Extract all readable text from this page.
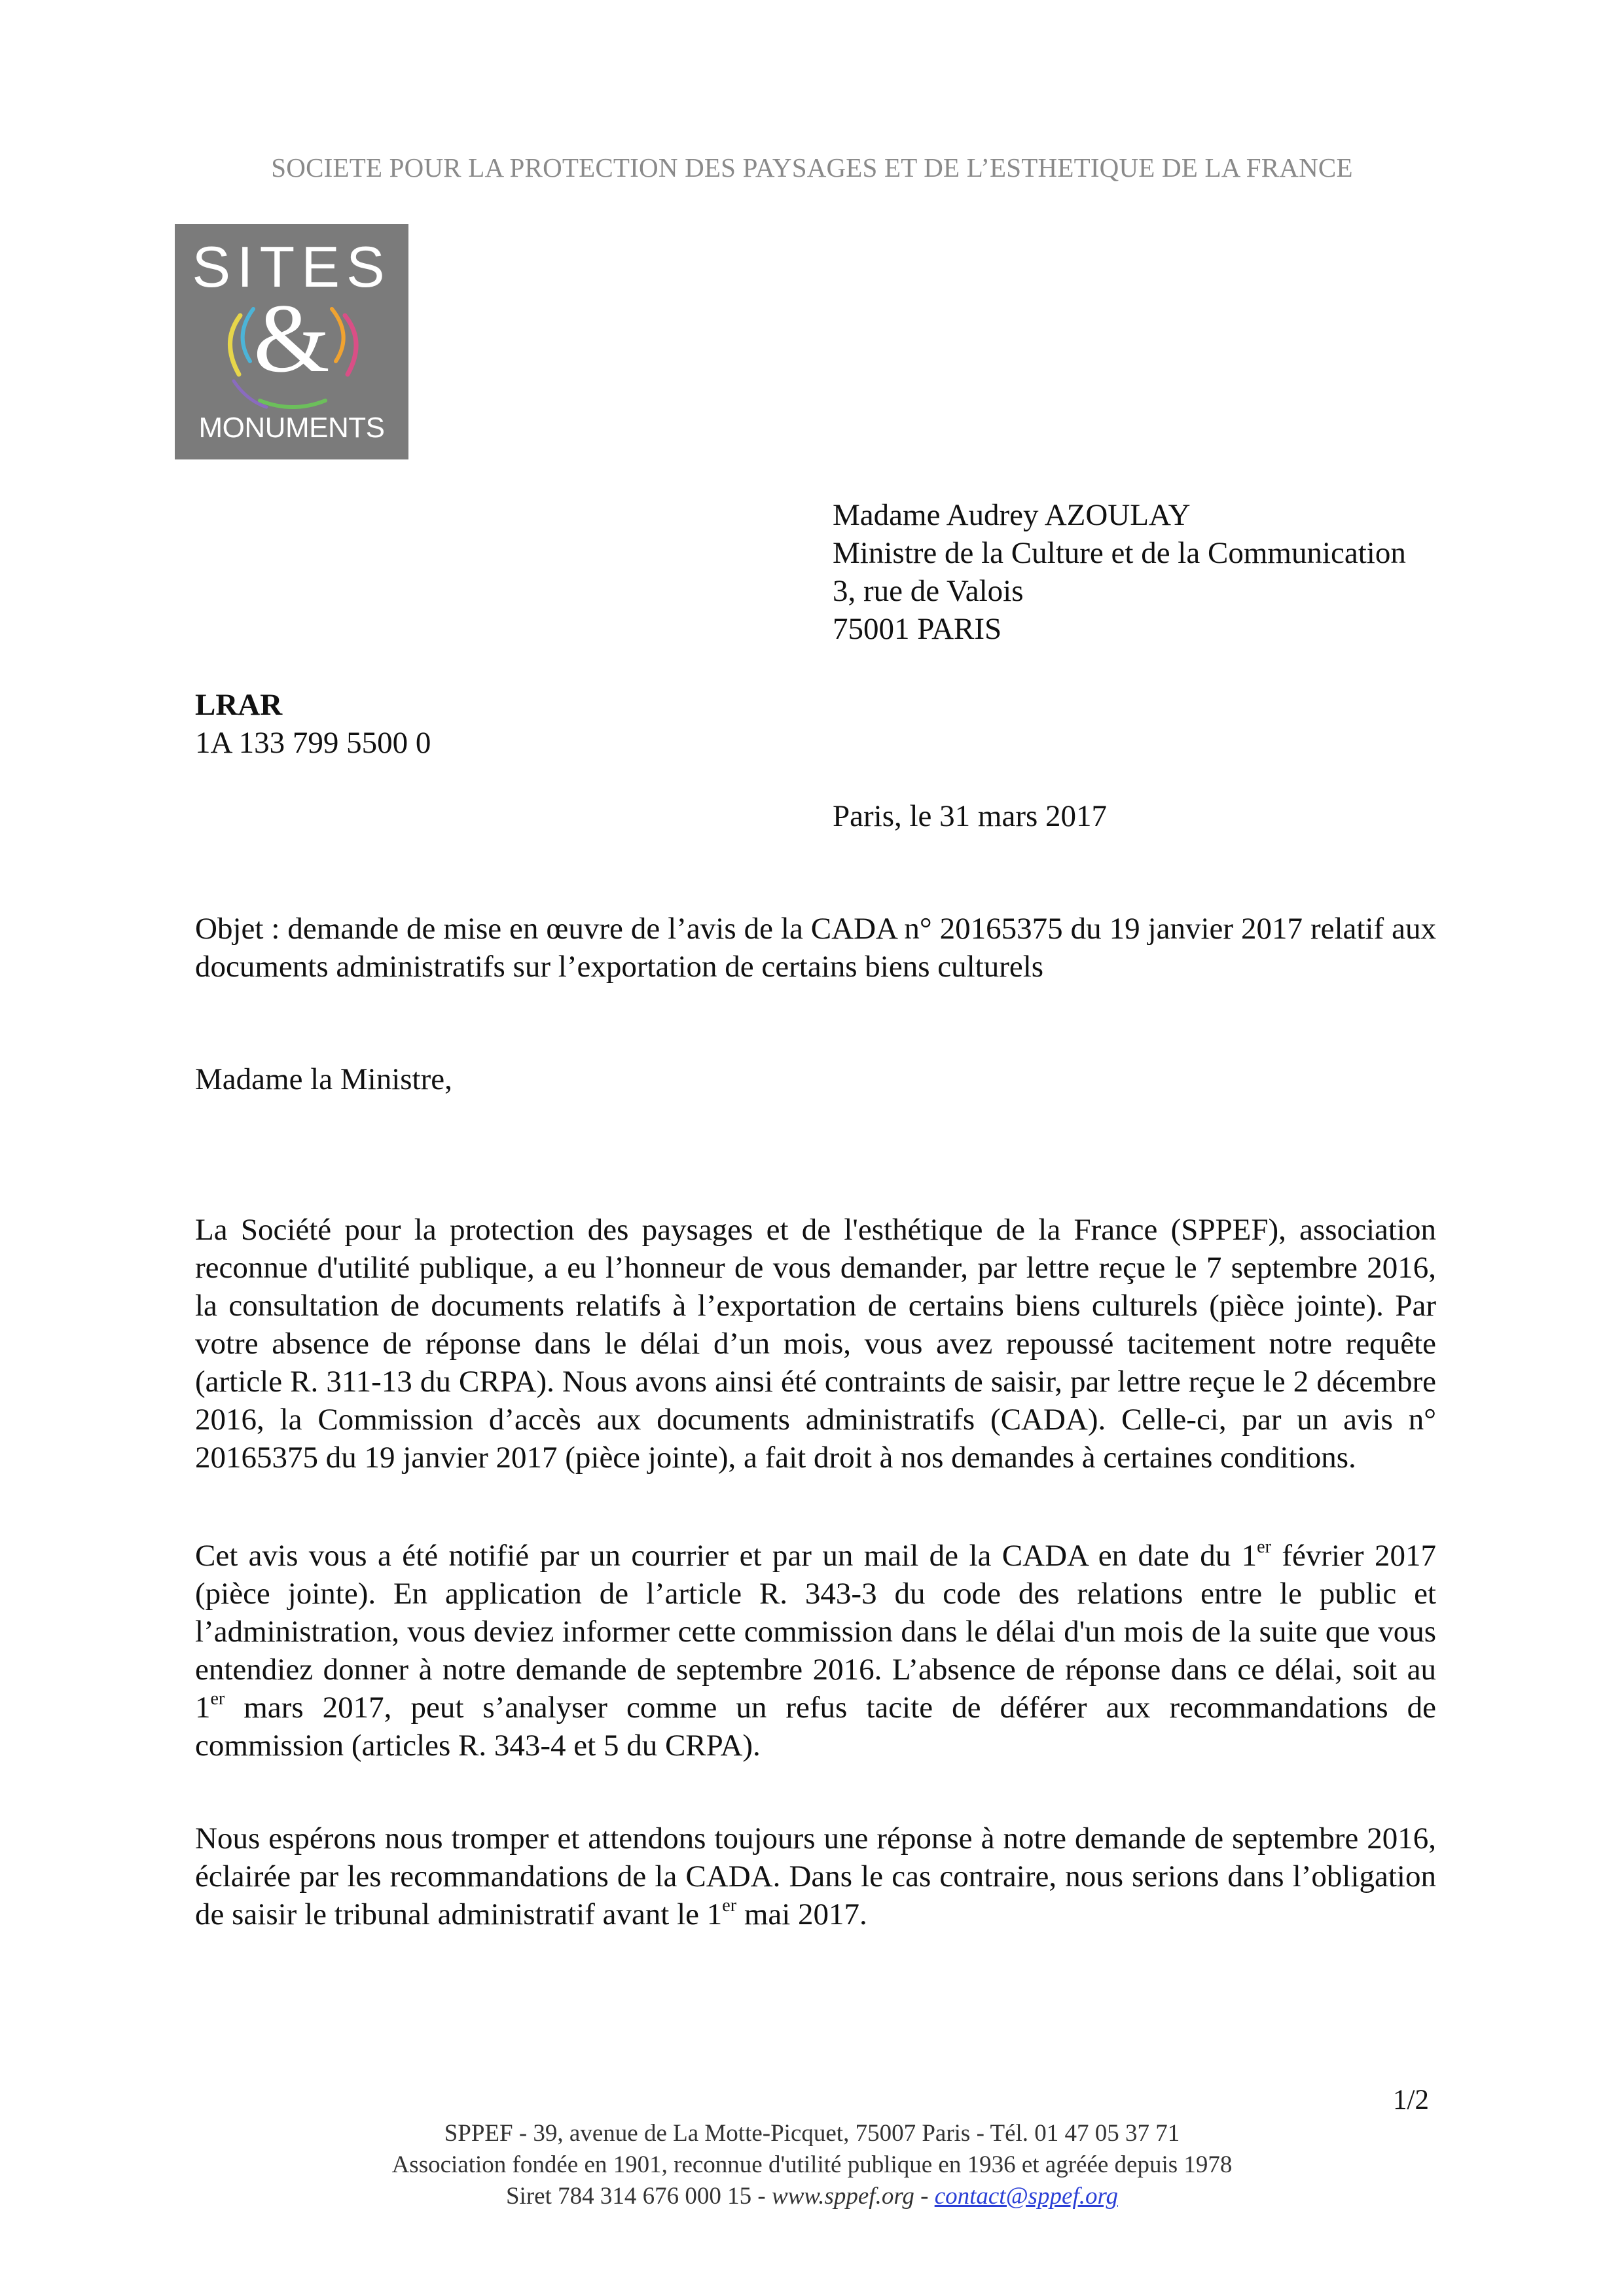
SOCIETE POUR LA PROTECTION DES PAYSAGES ET DE L’ESTHETIQUE DE LA FRANCE
SITES
&
MONUMENTS
Madame Audrey AZOULAY
Ministre de la Culture et de la Communication
3, rue de Valois
75001 PARIS
LRAR
1A 133 799 5500 0
Paris, le 31 mars 2017
Objet : demande de mise en œuvre de l’avis de la CADA n° 20165375 du 19 janvier 2017 relatif aux documents administratifs sur l’exportation de certains biens culturels
Madame la Ministre,
La Société pour la protection des paysages et de l'esthétique de la France (SPPEF), association reconnue d'utilité publique, a eu l’honneur de vous demander, par lettre reçue le 7 septembre 2016, la consultation de documents relatifs à l’exportation de certains biens culturels (pièce jointe). Par votre absence de réponse dans le délai d’un mois, vous avez repoussé tacitement notre requête (article R. 311-13 du CRPA). Nous avons ainsi été contraints de saisir, par lettre reçue le 2 décembre 2016, la Commission d’accès aux documents administratifs (CADA). Celle-ci, par un avis n° 20165375 du 19 janvier 2017 (pièce jointe), a fait droit à nos demandes à certaines conditions.
Cet avis vous a été notifié par un courrier et par un mail de la CADA en date du 1er février 2017 (pièce jointe). En application de l’article R. 343-3 du code des relations entre le public et l’administration, vous deviez informer cette commission dans le délai d'un mois de la suite que vous entendiez donner à notre demande de septembre 2016. L’absence de réponse dans ce délai, soit au 1er mars 2017, peut s’analyser comme un refus tacite de déférer aux recommandations de commission (articles R. 343-4 et 5 du CRPA).
Nous espérons nous tromper et attendons toujours une réponse à notre demande de septembre 2016, éclairée par les recommandations de la CADA. Dans le cas contraire, nous serions dans l’obligation de saisir le tribunal administratif avant le 1er mai 2017.
1/2
SPPEF - 39, avenue de La Motte-Picquet, 75007 Paris - Tél. 01 47 05 37 71
Association fondée en 1901, reconnue d'utilité publique en 1936 et agréée depuis 1978
Siret 784 314 676 000 15 - www.sppef.org - contact@sppef.org
